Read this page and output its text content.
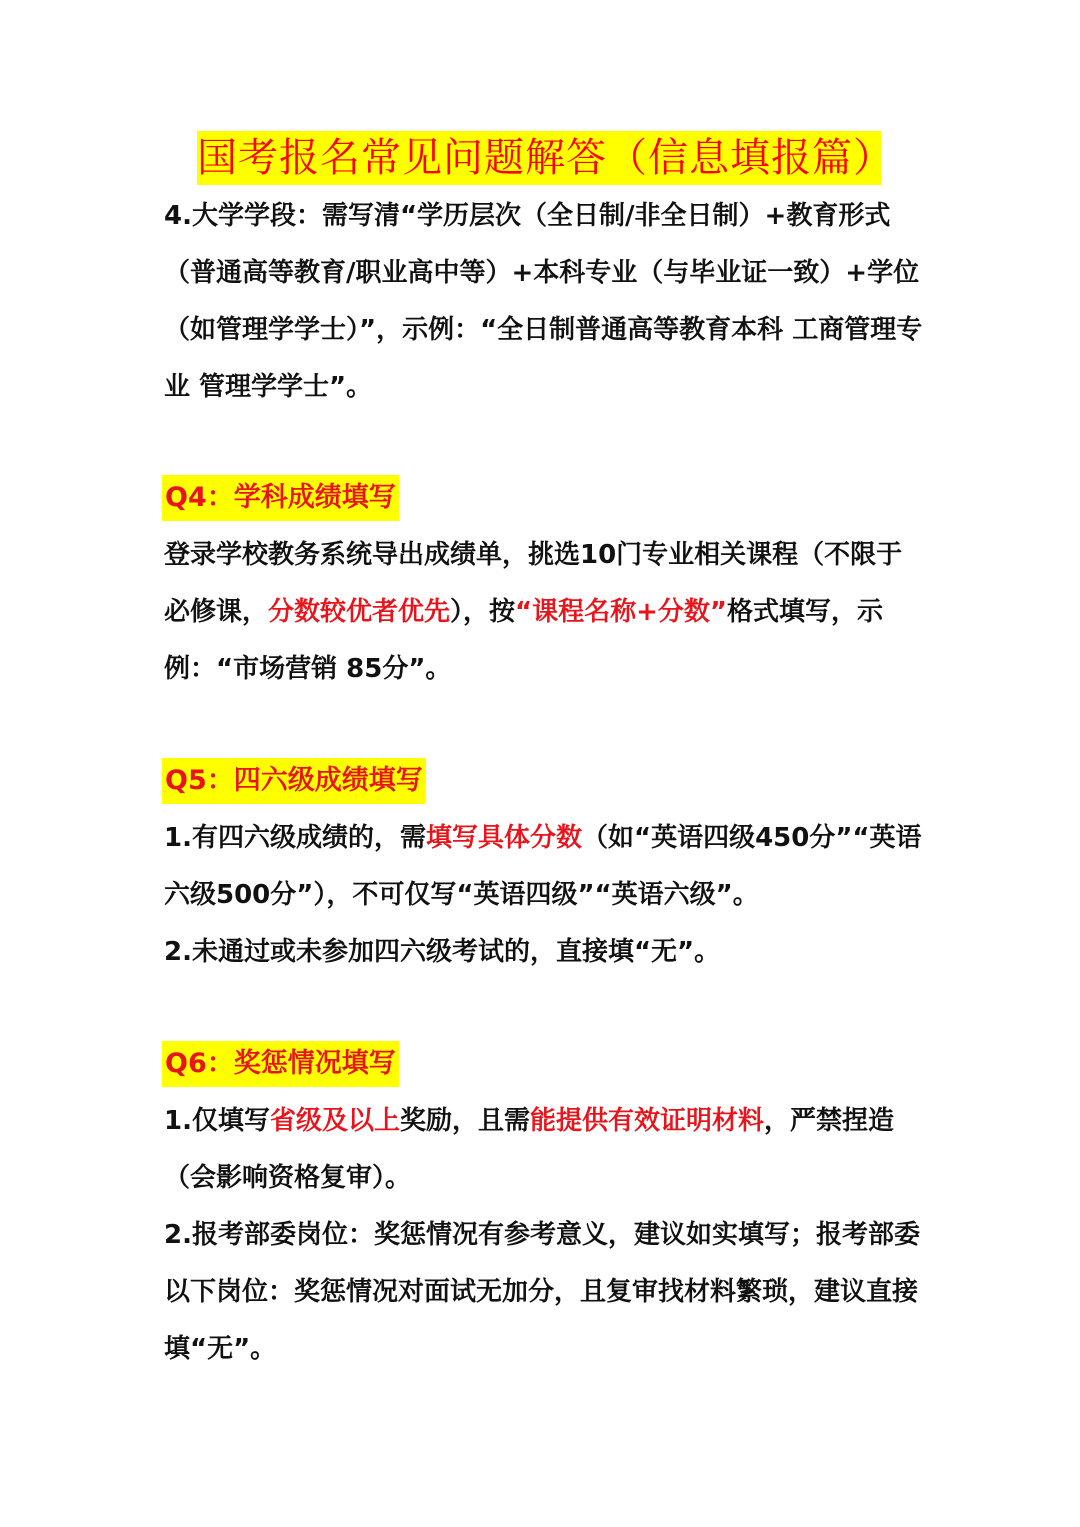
国考报名常见问题解答（信息填报篇）

4.大学学段：需写清“学历层次（全日制/非全日制）+教育形式（普通高等教育/职业高中等）+本科专业（与毕业证一致）+学位（如管理学学士）”，示例：“全日制普通高等教育本科 工商管理专业 管理学学士”。

Q4：学科成绩填写

登录学校教务系统导出成绩单，挑选10门专业相关课程（不限于必修课，分数较优者优先），按“课程名称+分数”格式填写，示例：“市场营销 85分”。

Q5：四六级成绩填写

1.有四六级成绩的，需填写具体分数（如“英语四级450分”“英语六级500分”），不可仅写“英语四级”“英语六级”。

2.未通过或未参加四六级考试的，直接填“无”。

Q6：奖惩情况填写

1.仅填写省级及以上奖励，且需能提供有效证明材料，严禁捏造（会影响资格复审）。

2.报考部委岗位：奖惩情况有参考意义，建议如实填写；报考部委以下岗位：奖惩情况对面试无加分，且复审找材料繁琐，建议直接填“无”。
